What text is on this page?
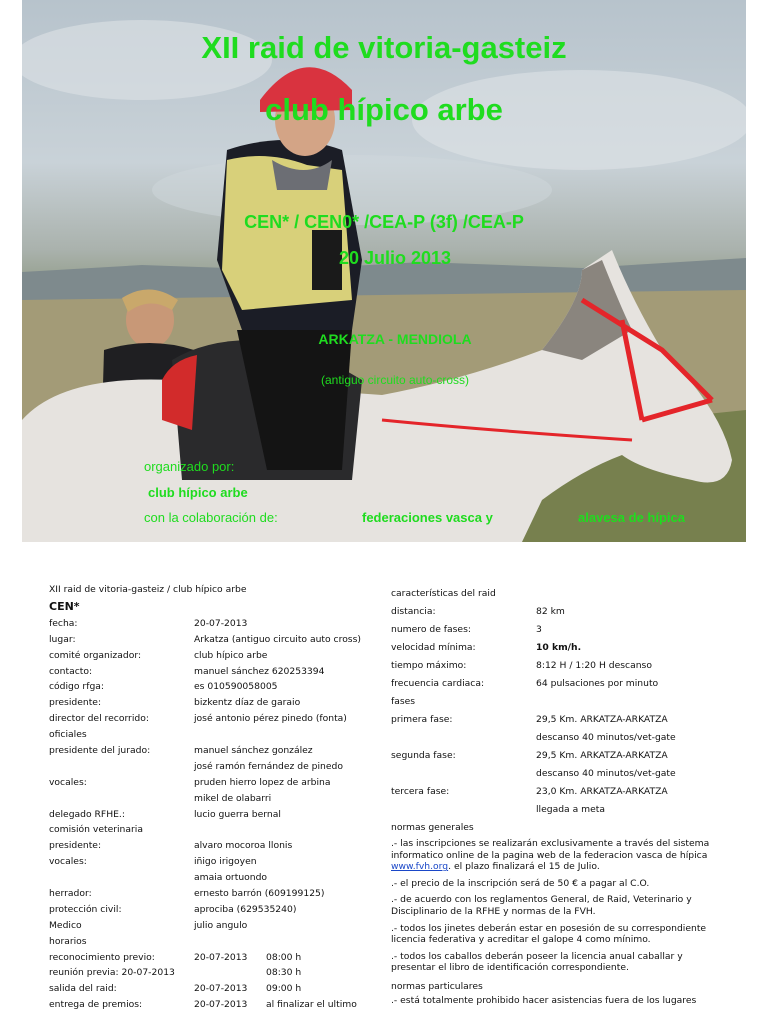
XII raid de vitoria-gasteiz
club hípico arbe
CEN* / CEN0* /CEA-P (3f) /CEA-P
20 Julio 2013
ARKATZA - MENDIOLA
(antiguo circuito auto-cross)
organizado por:
club hípico arbe
con la colaboración de:	federaciones vasca y	alavesa de hípica
XII raid de vitoria-gasteiz / club hípico arbe
CEN*
fecha:	20-07-2013
lugar:	Arkatza (antiguo circuito auto cross)
comité organizador:	club hípico arbe
contacto:	manuel sánchez 620253394
código rfga:	es 010590058005
presidente:	bizkentz díaz de garaio
director del recorrido:	josé antonio pérez pinedo (fonta)
oficiales
presidente del jurado:	manuel sánchez gonzález
josé ramón fernández de pinedo
vocales:	pruden hierro lopez de arbina
mikel de olabarri
delegado RFHE.:	lucio guerra bernal
comisión veterinaria
presidente:	alvaro mocoroa llonis
vocales:	iñigo irigoyen
amaia ortuondo
herrador:	ernesto barrón (609199125)
protección civil:	aprociba (629535240)
Medico	julio angulo
horarios
reconocimiento previo:	20-07-2013 08:00 h
reunión previa: 20-07-2013	08:30 h
salida del raid:	20-07-2013 09:00 h
entrega de premios:	20-07-2013 al finalizar el ultimo
características del raid
distancia:	82 km
numero de fases:	3
velocidad mínima:	10 km/h.
tiempo máximo:	8:12 H / 1:20 H descanso
frecuencia cardiaca:	64 pulsaciones por minuto
fases
primera fase:	29,5 Km. ARKATZA-ARKATZA
descanso 40 minutos/vet-gate
segunda fase:	29,5 Km. ARKATZA-ARKATZA
descanso 40 minutos/vet-gate
tercera fase:	23,0 Km. ARKATZA-ARKATZA
llegada a meta
normas generales

.- las inscripciones se realizarán exclusivamente a través del sistema informatico online de la pagina web de la federacion vasca de hípica www.fvh.org. el plazo finalizará el 15 de Julio.

.- el precio de la inscripción será de 50 € a pagar al C.O.

.- de acuerdo con los reglamentos General, de Raid, Veterinario y Disciplinario de la RFHE y normas de la FVH.

.- todos los jinetes deberán estar en posesión de su correspondiente licencia federativa y acreditar el galope 4 como mínimo.

.- todos los caballos deberán poseer la licencia anual caballar y presentar el libro de identificación correspondiente.

normas particulares

.- está totalmente prohibido hacer asistencias fuera de los lugares
